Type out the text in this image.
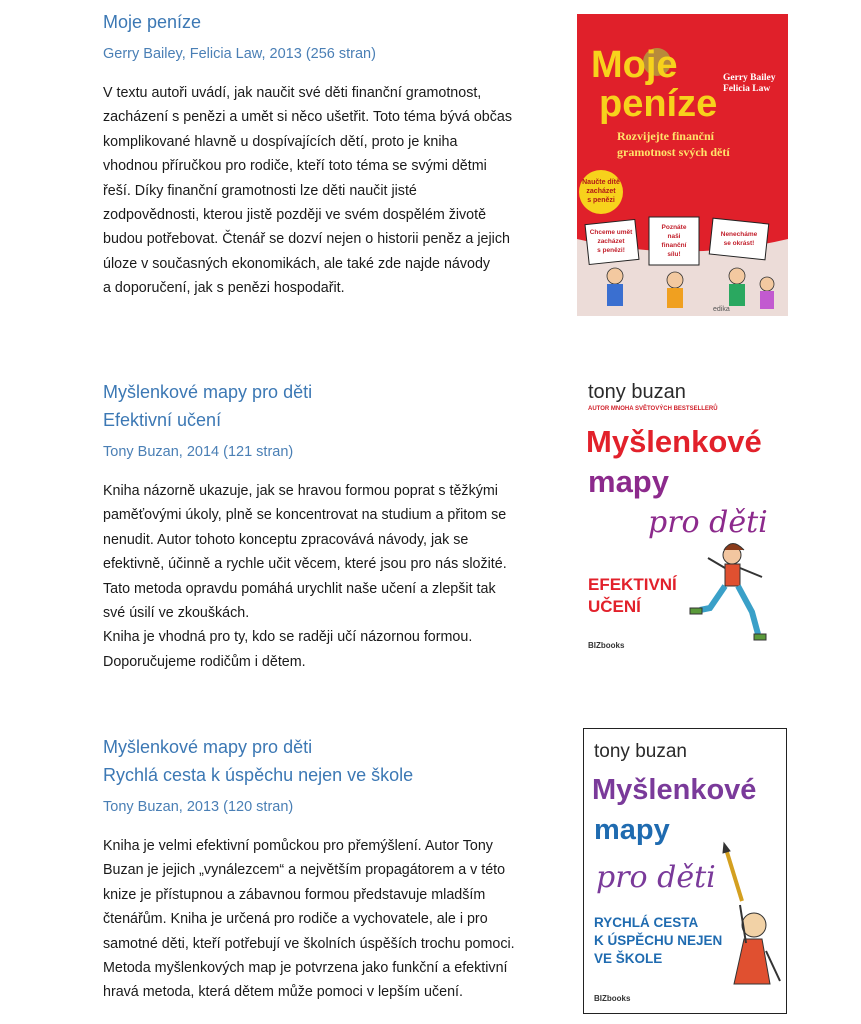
Moje peníze
Gerry Bailey, Felicia Law, 2013 (256 stran)

V textu autoři uvádí, jak naučit své děti finanční gramotnost,

zacházení s penězi a umět si něco ušetřit. Toto téma bývá občas

komplikované hlavně u dospívajících dětí, proto je kniha

vhodnou příručkou pro rodiče, kteří toto téma se svými dětmi

řeší. Díky finanční gramotnosti lze děti naučit jisté

zodpovědnosti, kterou jistě později ve svém dospělém životě

budou potřebovat. Čtenář se dozví nejen o historii peněz a jejich

úloze v současných ekonomikách, ale také zde najde návody

a doporučení, jak s penězi hospodařit.

Moje
peníze
Gerry Bailey
Felicia Law
Rozvijejte finanční
gramotnost svých dětí
Naučte dítě
zacházet
s penězi
Chceme umět
zacházet
s penězi!
Poznáte
naši
finanční
sílu!
Nenecháme
se okrást!
edika
Myšlenkové mapy pro děti
Efektivní učení
Tony Buzan, 2014 (121 stran)

Kniha názorně ukazuje, jak se hravou formou poprat s těžkými

paměťovými úkoly, plně se koncentrovat na studium a přitom se

nenudit. Autor tohoto konceptu zpracovává návody, jak se

efektivně, účinně a rychle učit věcem, které jsou pro nás složité.

Tato metoda opravdu pomáhá urychlit naše učení a zlepšit tak

své úsilí ve zkouškách.

Kniha je vhodná pro ty, kdo se raději učí názornou formou.

Doporučujeme rodičům i dětem.

tony buzan
AUTOR MNOHA SVĚTOVÝCH BESTSELLERŮ
Myšlenkové
mapy
pro děti
EFEKTIVNÍ
UČENÍ
BIZbooks
Myšlenkové mapy pro děti
Rychlá cesta k úspěchu nejen ve škole
Tony Buzan, 2013 (120 stran)

Kniha je velmi efektivní pomůckou pro přemýšlení. Autor Tony

Buzan je jejich „vynálezcem“ a největším propagátorem a v této

knize je přístupnou a zábavnou formou představuje mladším

čtenářům. Kniha je určená pro rodiče a vychovatele, ale i pro

samotné děti, kteří potřebují ve školních úspěších trochu pomoci.

Metoda myšlenkových map je potvrzena jako funkční a efektivní

hravá metoda, která dětem může pomoci v lepším učení.

tony buzan
Myšlenkové
mapy
pro děti
RYCHLÁ CESTA
K ÚSPĚCHU NEJEN
VE ŠKOLE
BIZbooks
